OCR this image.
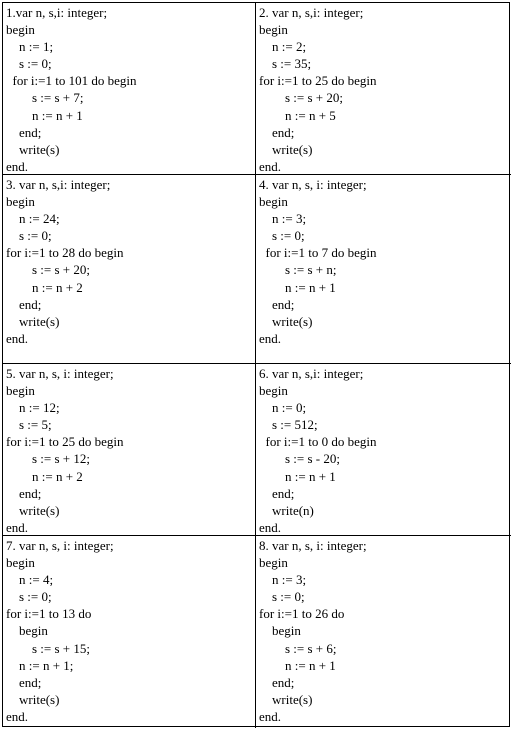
1.var n, s,i: integer;
begin
n := 1;
s := 0;
for i:=1 to 101 do begin
s := s + 7;
n := n + 1
end;
write(s)
end.
2. var n, s,i: integer;
begin
n := 2;
s := 35;
for i:=1 to 25 do begin
s := s + 20;
n := n + 5
end;
write(s)
end.
3. var n, s,i: integer;
begin
n := 24;
s := 0;
for i:=1 to 28 do begin
s := s + 20;
n := n + 2
end;
write(s)
end.
4. var n, s, i: integer;
begin
n := 3;
s := 0;
for i:=1 to 7 do begin
s := s + n;
n := n + 1
end;
write(s)
end.
5. var n, s, i: integer;
begin
n := 12;
s := 5;
for i:=1 to 25 do begin
s := s + 12;
n := n + 2
end;
write(s)
end.
6. var n, s,i: integer;
begin
n := 0;
s := 512;
for i:=1 to 0 do begin
s := s - 20;
n := n + 1
end;
write(n)
end.
7. var n, s, i: integer;
begin
n := 4;
s := 0;
for i:=1 to 13 do
begin
s := s + 15;
n := n + 1;
end;
write(s)
end.
8. var n, s, i: integer;
begin
n := 3;
s := 0;
for i:=1 to 26 do
begin
s := s + 6;
n := n + 1
end;
write(s)
end.
